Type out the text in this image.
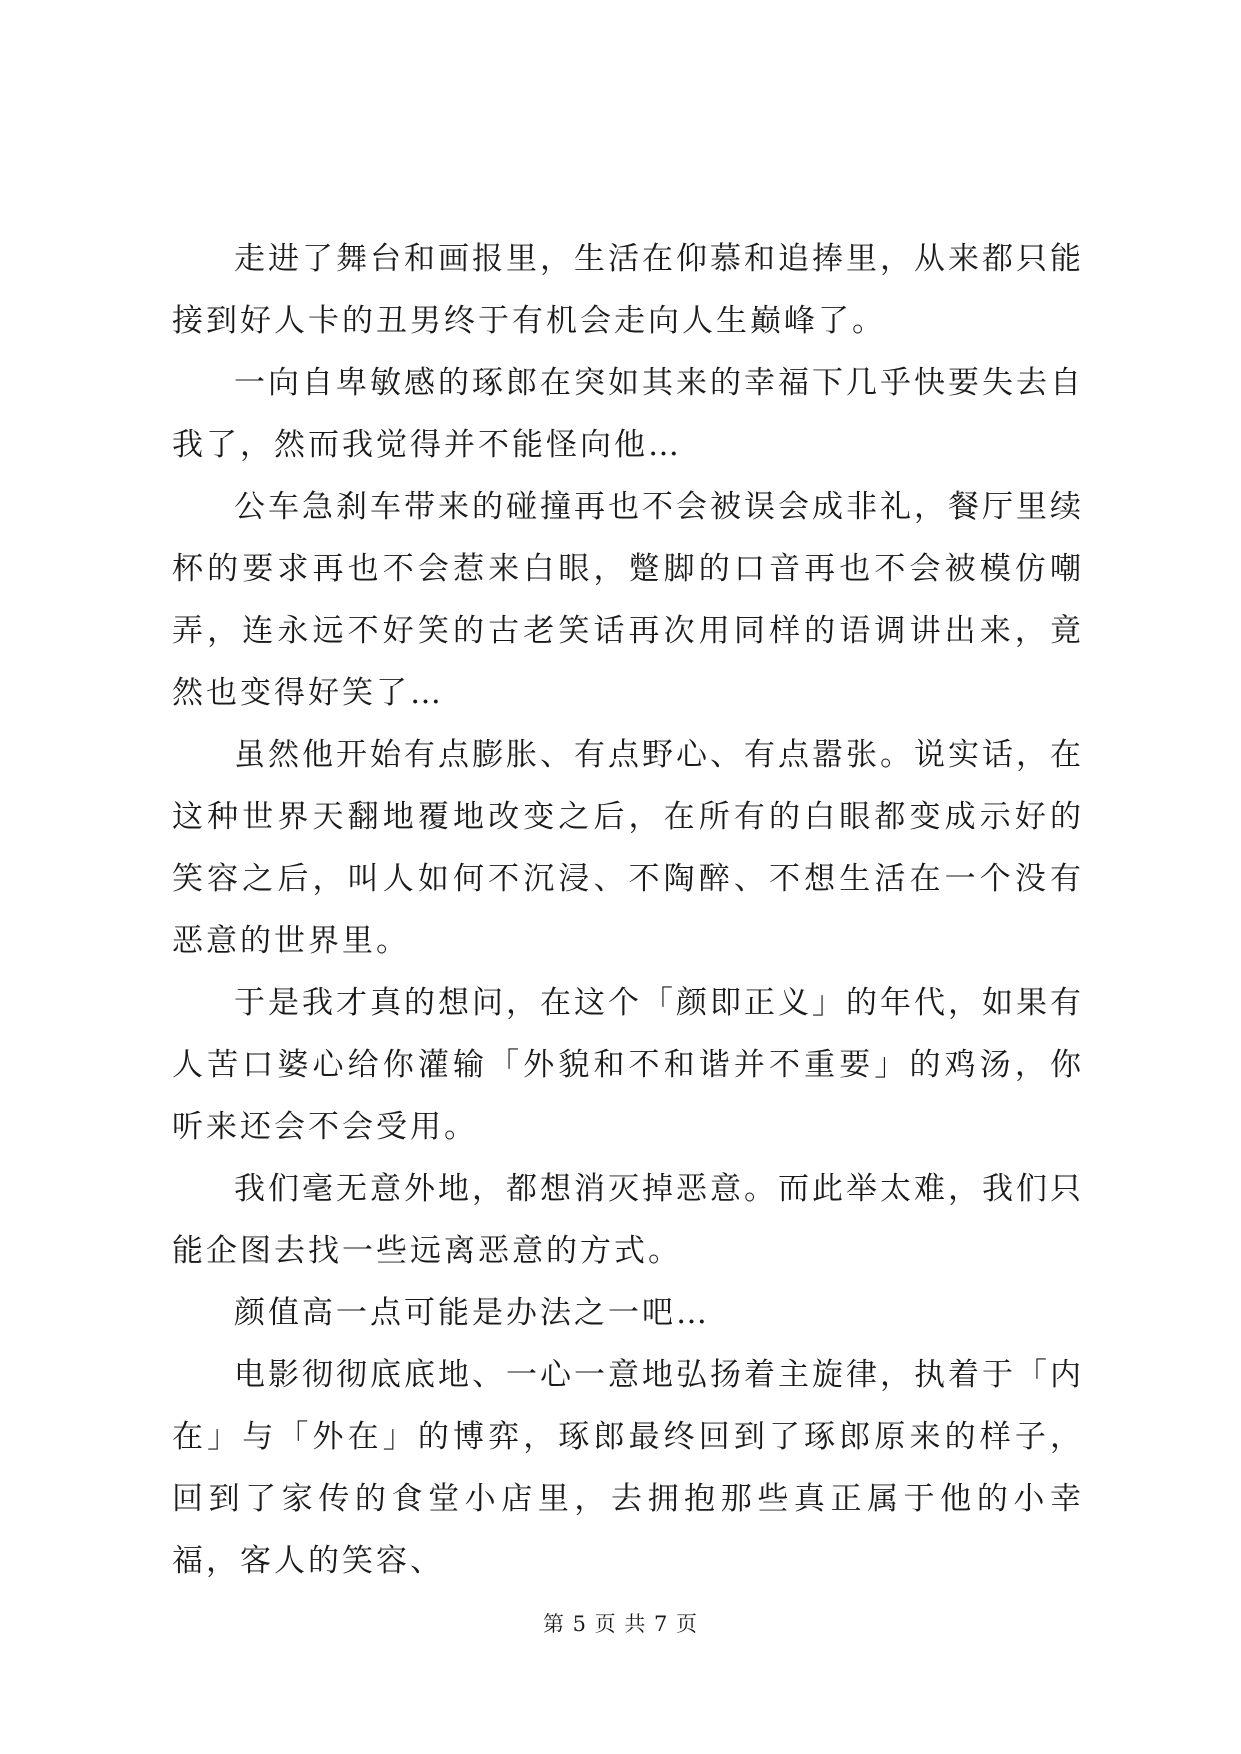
走进了舞台和画报里，生活在仰慕和追捧里，从来都只能接到好人卡的丑男终于有机会走向人生巅峰了。

一向自卑敏感的琢郎在突如其来的幸福下几乎快要失去自我了，然而我觉得并不能怪向他…

公车急刹车带来的碰撞再也不会被误会成非礼，餐厅里续杯的要求再也不会惹来白眼，蹩脚的口音再也不会被模仿嘲弄，连永远不好笑的古老笑话再次用同样的语调讲出来，竟然也变得好笑了…

虽然他开始有点膨胀、有点野心、有点嚣张。说实话，在这种世界天翻地覆地改变之后，在所有的白眼都变成示好的笑容之后，叫人如何不沉浸、不陶醉、不想生活在一个没有恶意的世界里。

于是我才真的想问，在这个「颜即正义」的年代，如果有人苦口婆心给你灌输「外貌和不和谐并不重要」的鸡汤，你听来还会不会受用。

我们毫无意外地，都想消灭掉恶意。而此举太难，我们只能企图去找一些远离恶意的方式。

颜值高一点可能是办法之一吧…

电影彻彻底底地、一心一意地弘扬着主旋律，执着于「内在」与「外在」的博弈，琢郎最终回到了琢郎原来的样子，回到了家传的食堂小店里，去拥抱那些真正属于他的小幸福，客人的笑容、

第 5 页 共 7 页
